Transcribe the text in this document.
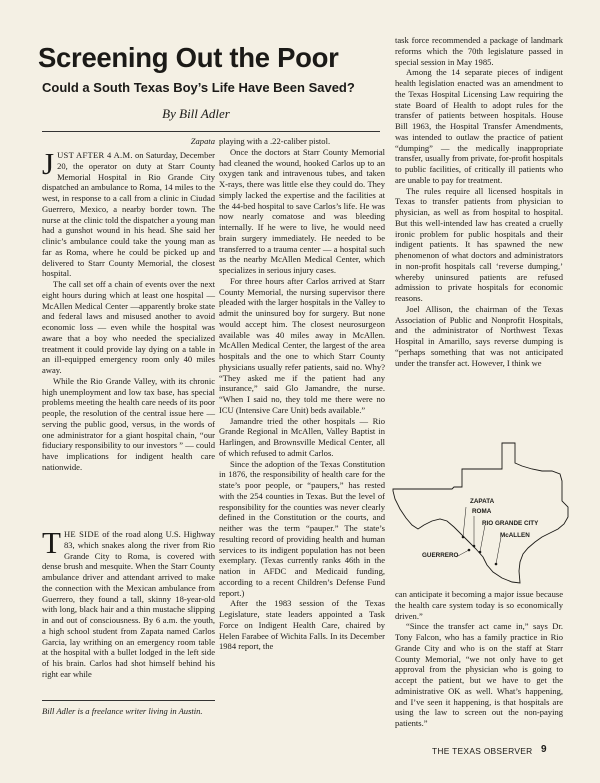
Screening Out the Poor
Could a South Texas Boy’s Life Have Been Saved?
By Bill Adler
Zapata

JUST AFTER 4 A.M. on Saturday, December 20, the operator on duty at Starr County Memorial Hospital in Rio Grande City dispatched an ambulance to Roma, 14 miles to the west, in response to a call from a clinic in Ciudad Guerrero, Mexico, a nearby border town. The nurse at the clinic told the dispatcher a young man had a gunshot wound in his head. She said her clinic’s ambulance could take the young man as far as Roma, where he could be picked up and delivered to Starr County Memorial, the closest hospital.

The call set off a chain of events over the next eight hours during which at least one hospital — McAllen Medical Center —apparently broke state and federal laws and misused another to avoid economic loss — even while the hospital was aware that a boy who needed the specialized treatment it could provide lay dying on a table in an ill-equipped emergency room only 40 miles away.

While the Rio Grande Valley, with its chronic high unemployment and low tax base, has special problems meeting the health care needs of its poor people, the resolution of the central issue here — serving the public good, versus, in the words of one administrator for a giant hospital chain, “our fiduciary responsibility to our investors ” — could have implications for indigent health care nationwide.

THE SIDE of the road along U.S. Highway 83, which snakes along the river from Rio Grande City to Roma, is covered with dense brush and mesquite. When the Starr County ambulance driver and attendant arrived to make the connection with the Mexican ambulance from Guerrero, they found a tall, skinny 18-year-old with long, black hair and a thin mustache slipping in and out of consciousness. By 6 a.m. the youth, a high school student from Zapata named Carlos Garcia, lay writhing on an emergency room table at the hospital with a bullet lodged in the left side of his brain. Carlos had shot himself behind his right ear while

Bill Adler is a freelance writer living in Austin.

playing with a .22-caliber pistol.

Once the doctors at Starr County Memorial had cleaned the wound, hooked Carlos up to an oxygen tank and intravenous tubes, and taken X-rays, there was little else they could do. They simply lacked the expertise and the facilities at the 44-bed hospital to save Carlos’s life. He was now nearly comatose and was bleeding internally. If he were to live, he would need brain surgery immediately. He needed to be transferred to a trauma center — a hospital such as the nearby McAllen Medical Center, which specializes in serious injury cases.

For three hours after Carlos arrived at Starr County Memorial, the nursing supervisor there pleaded with the larger hospitals in the Valley to admit the uninsured boy for surgery. But none would accept him. The closest neurosurgeon available was 40 miles away in McAllen. McAllen Medical Center, the largest of the area hospitals and the one to which Starr County physicians usually refer patients, said no. Why? “They asked me if the patient had any insurance,” said Glo Jamandre, the nurse. “When I said no, they told me there were no ICU (Intensive Care Unit) beds available.”

Jamandre tried the other hospitals — Rio Grande Regional in McAllen, Valley Baptist in Harlingen, and Brownsville Medical Center, all of which refused to admit Carlos.

Since the adoption of the Texas Constitution in 1876, the responsibility of health care for the state’s poor people, or “paupers,” has rested with the 254 counties in Texas. But the level of responsibility for the counties was never clearly defined in the Constitution or the courts, and neither was the term “pauper.” The state’s resulting record of providing health and human services to its indigent population has not been exemplary. (Texas currently ranks 46th in the nation in AFDC and Medicaid funding, according to a recent Children’s Defense Fund report.)

After the 1983 session of the Texas Legislature, state leaders appointed a Task Force on Indigent Health Care, chaired by Helen Farabee of Wichita Falls. In its December 1984 report, the

task force recommended a package of landmark reforms which the 70th legislature passed in special session in May 1985.

Among the 14 separate pieces of indigent health legislation enacted was an amendment to the Texas Hospital Licensing Law requiring the state Board of Health to adopt rules for the transfer of patients between hospitals. House Bill 1963, the Hospital Transfer Amendments, was intended to outlaw the practice of patient “dumping” — the medically inappropriate transfer, usually from private, for-profit hospitals to public facilities, of critically ill patients who are unable to pay for treatment.

The rules require all licensed hospitals in Texas to transfer patients from physician to physician, as well as from hospital to hospital. But this well-intended law has created a cruelly ironic problem for public hospitals and their indigent patients. It has spawned the new phenomenon of what doctors and administrators in non-profit hospitals call ‘reverse dumping,’ whereby uninsured patients are refused admission to private hospitals for economic reasons.

Joel Allison, the chairman of the Texas Association of Public and Nonprofit Hospitals, and the administrator of Northwest Texas Hospital in Amarillo, says reverse dumping is “perhaps something that was not anticipated under the transfer act. However, I think we

ZAPATA
ROMA
RIO GRANDE CITY
McALLEN
GUERRERO

can anticipate it becoming a major issue because the health care system today is so economically driven.”

“Since the transfer act came in,” says Dr. Tony Falcon, who has a family practice in Rio Grande City and who is on the staff at Starr County Memorial, “we not only have to get approval from the physician who is going to accept the patient, but we have to get the administrative OK as well. What’s happening, and I’ve seen it happening, is that hospitals are using the law to screen out the non-paying patients.”

THE TEXAS OBSERVER 9
